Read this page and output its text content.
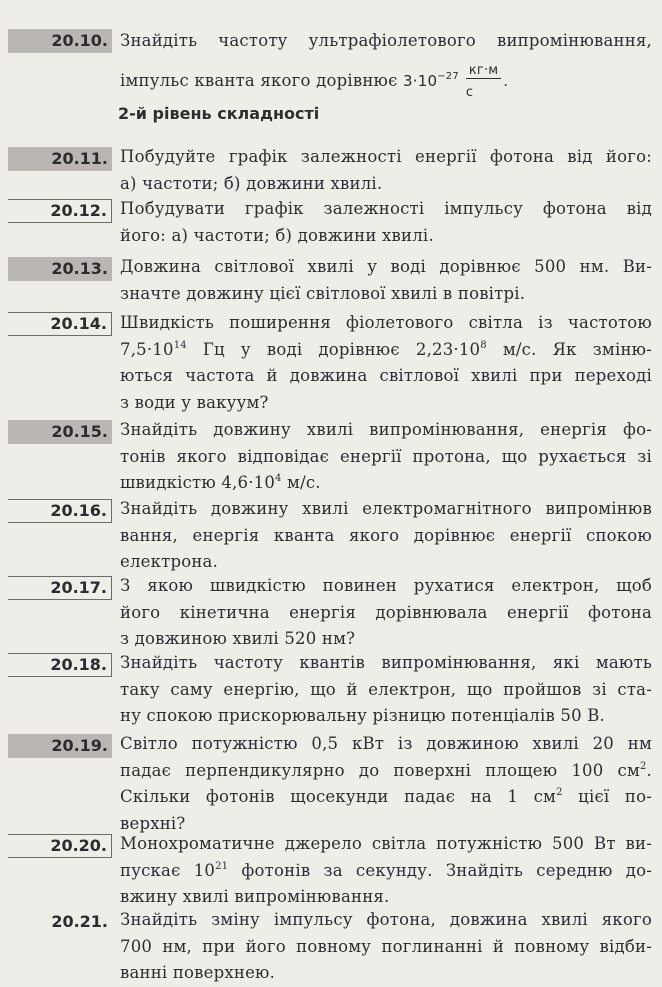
20.10. Знайдіть частоту ультрафіолетового випромінювання,
імпульс кванта якого дорівнює $3\cdot 10^{-27} \frac{кг\cdot м}{с}$ .
2-й рівень складності
20.11. Побудуйте графік залежності енергії фотона від його:
а) частоти; б) довжини хвилі.
20.12. Побудувати графік залежності імпульсу фотона від
його: а) частоти; б) довжини хвилі.
20.13. Довжина світлової хвилі у воді дорівнює 500 нм. Ви-
значте довжину цієї світлової хвилі в повітрі.
20.14. Швидкість поширення фіолетового світла із частотою
$7,5\cdot 10^{14}$ Гц у воді дорівнює $2,23\cdot 10^8$ м/с. Як зміню-
ються частота й довжина світлової хвилі при переході
з води у вакуум?
20.15. Знайдіть довжину хвилі випромінювання, енергія фо-
тонів якого відповідає енергії протона, що рухається зі
швидкістю $4,6\cdot 10^4$ м/с.
20.16. Знайдіть довжину хвилі електромагнітного випромінюв
вання, енергія кванта якого дорівнює енергії спокою
електрона.
20.17. З якою швидкістю повинен рухатися електрон, щоб
його кінетична енергія дорівнювала енергії фотона
з довжиною хвилі 520 нм?
20.18. Знайдіть частоту квантів випромінювання, які мають
таку саму енергію, що й електрон, що пройшов зі ста-
ну спокою прискорювальну різницю потенціалів 50 В.
20.19. Світло потужністю 0,5 кВт із довжиною хвилі 20 нм
падає перпендикулярно до поверхні площею 100 $см^2$.
Скільки фотонів щосекунди падає на 1 $см^2$ цієї по-
верхні?
20.20. Монохроматичне джерело світла потужністю 500 Вт ви-
пускає $10^{21}$ фотонів за секунду. Знайдіть середню до-
вжину хвилі випромінювання.
20.21. Знайдіть зміну імпульсу фотона, довжина хвилі якого
700 нм, при його повному поглинанні й повному відби-
ванні поверхнею.
